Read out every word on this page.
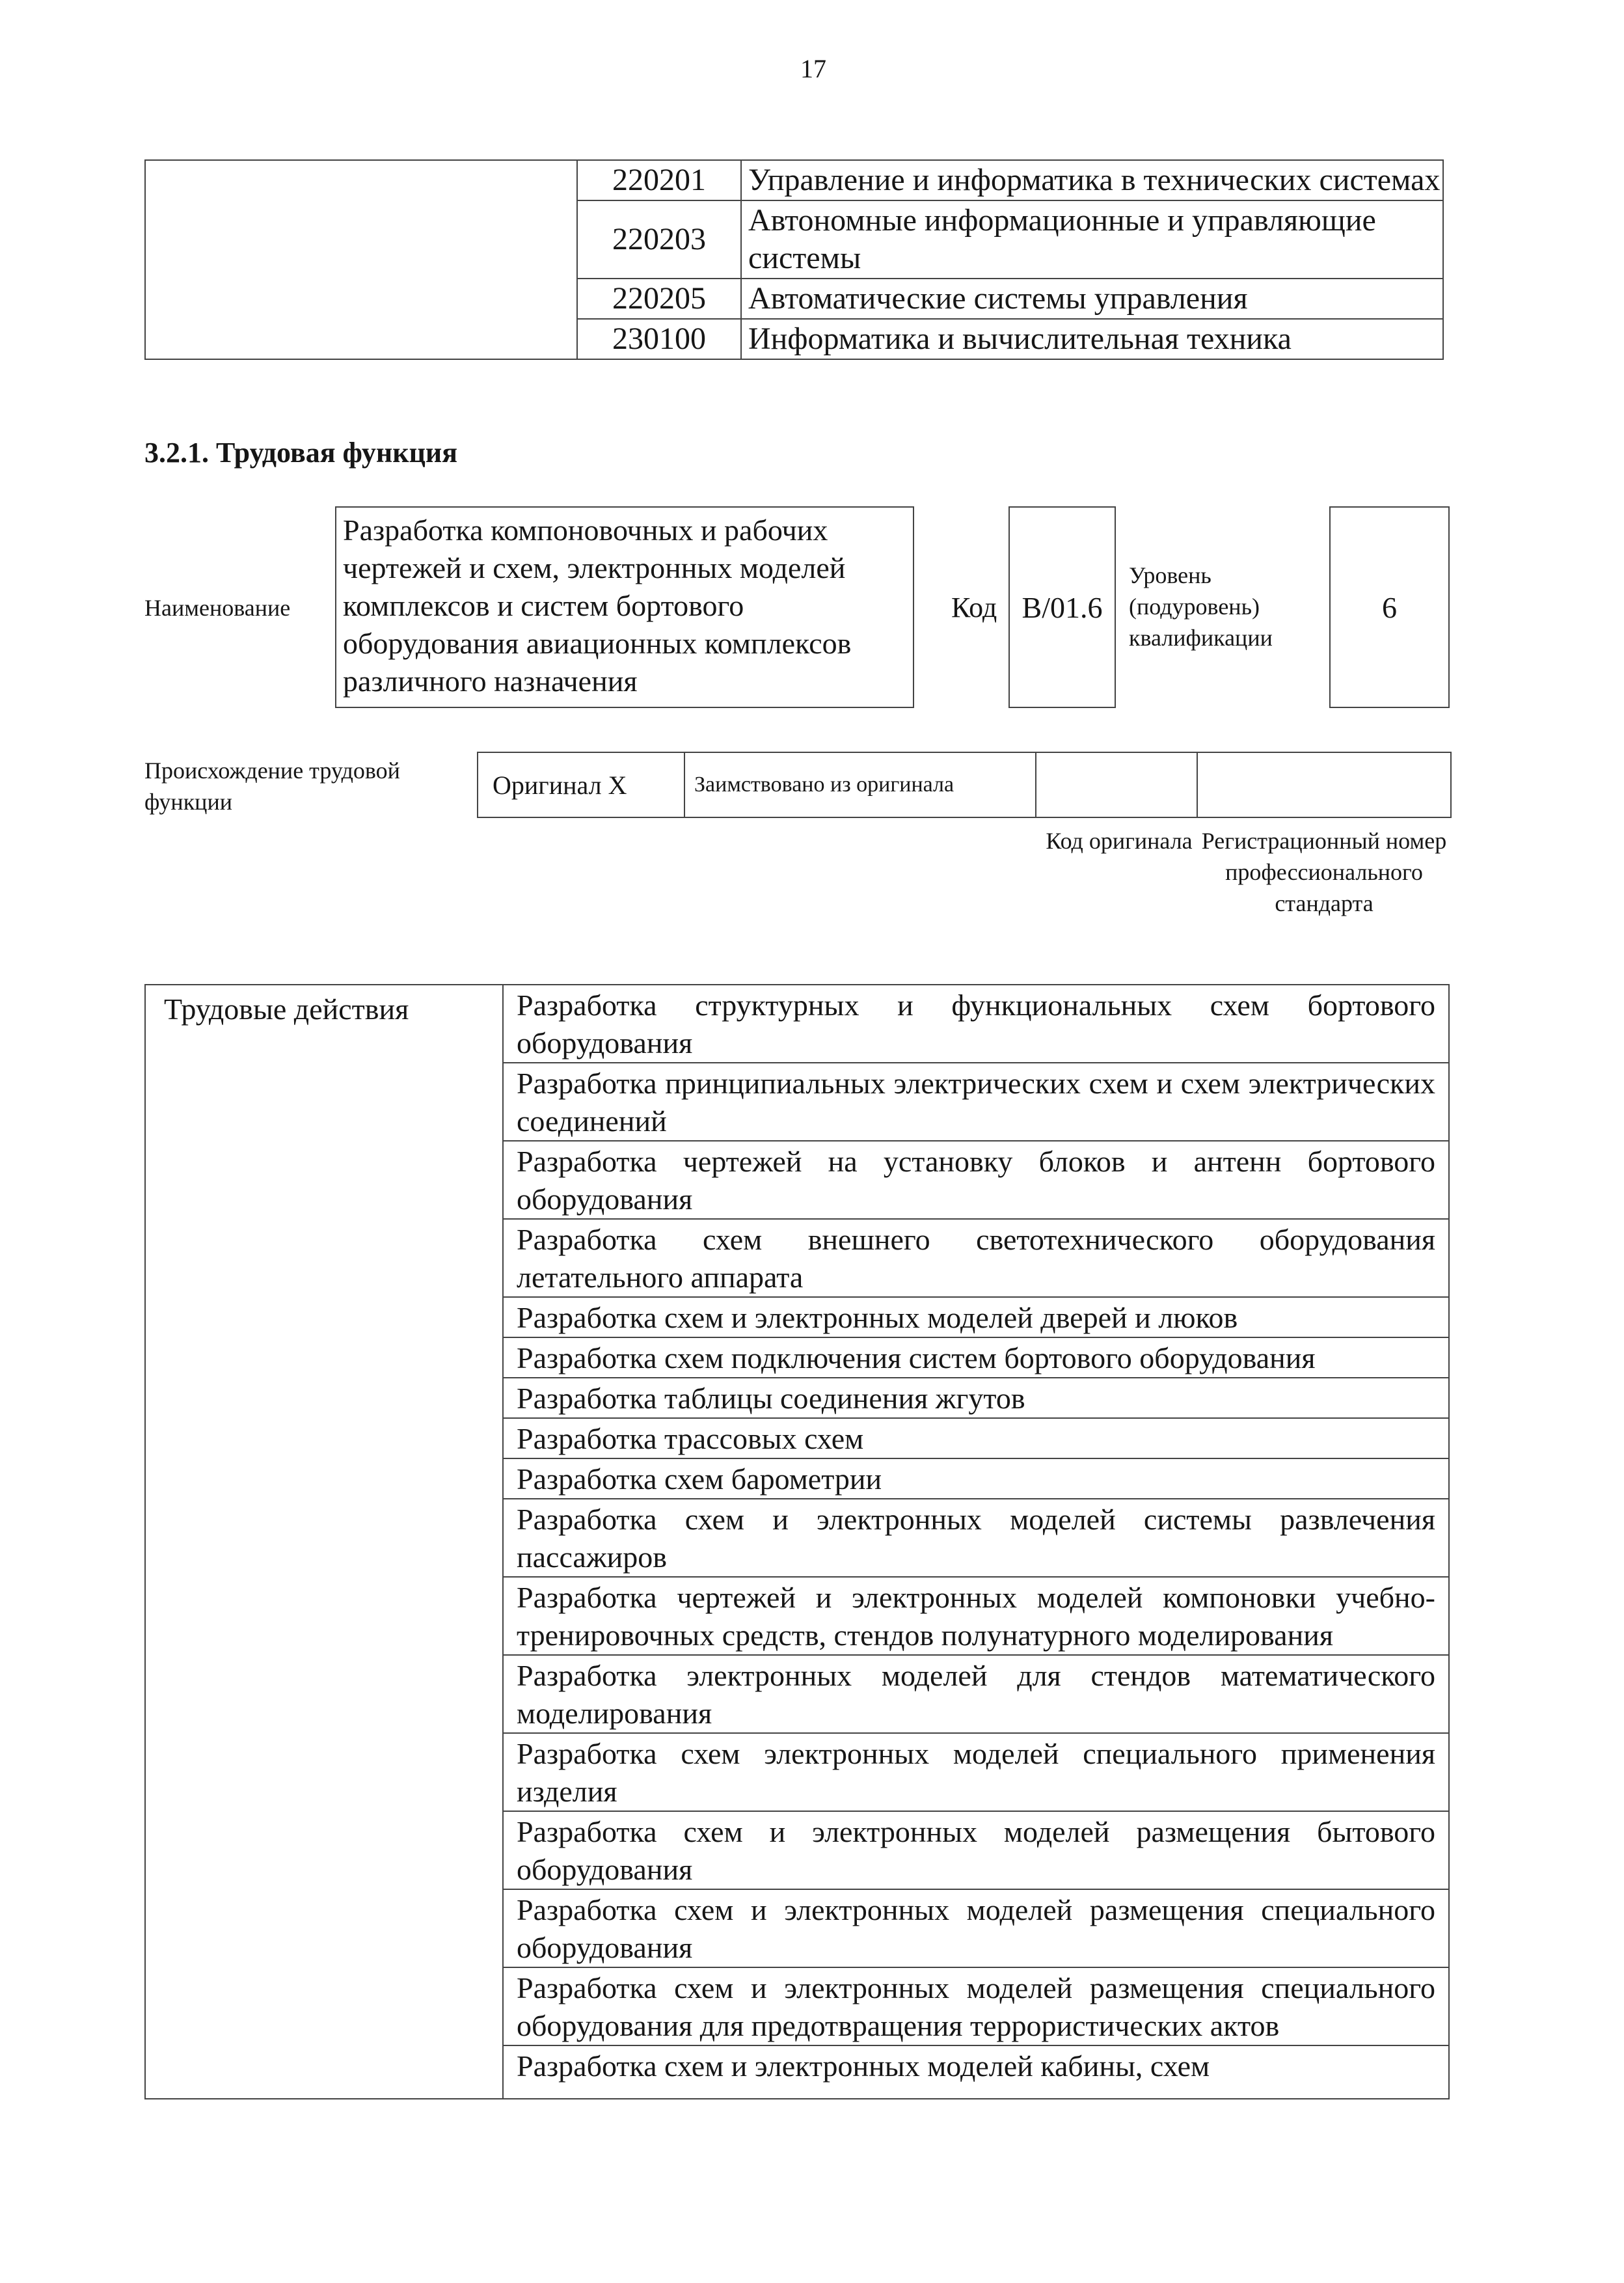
17
	220201	Управление и информатика в технических системах
	220203	Автономные информационные и управляющие системы
	220205	Автоматические системы управления
	230100	Информатика и вычислительная техника
3.2.1. Трудовая функция
Наименование
Разработка компоновочных и рабочих чертежей и схем, электронных моделей комплексов и систем бортового оборудования авиационных комплексов различного назначения
Код B/01.6
Уровень (подуровень) квалификации
6
Происхождение трудовой функции
Оригинал X	Заимствовано из оригинала		
Код оригинала Регистрационный номер профессионального стандарта
Трудовые действия	Разработка структурных и функциональных схем бортового оборудования
Разработка принципиальных электрических схем и схем электрических соединений
Разработка чертежей на установку блоков и антенн бортового оборудования
Разработка схем внешнего светотехнического оборудования летательного аппарата
Разработка схем и электронных моделей дверей и люков
Разработка схем подключения систем бортового оборудования
Разработка таблицы соединения жгутов
Разработка трассовых схем
Разработка схем барометрии
Разработка схем и электронных моделей системы развлечения пассажиров
Разработка чертежей и электронных моделей компоновки учебно-тренировочных средств, стендов полунатурного моделирования
Разработка электронных моделей для стендов математического моделирования
Разработка схем электронных моделей специального применения изделия
Разработка схем и электронных моделей размещения бытового оборудования
Разработка схем и электронных моделей размещения специального оборудования
Разработка схем и электронных моделей размещения специального оборудования для предотвращения террористических актов
Разработка схем и электронных моделей кабины, схем
